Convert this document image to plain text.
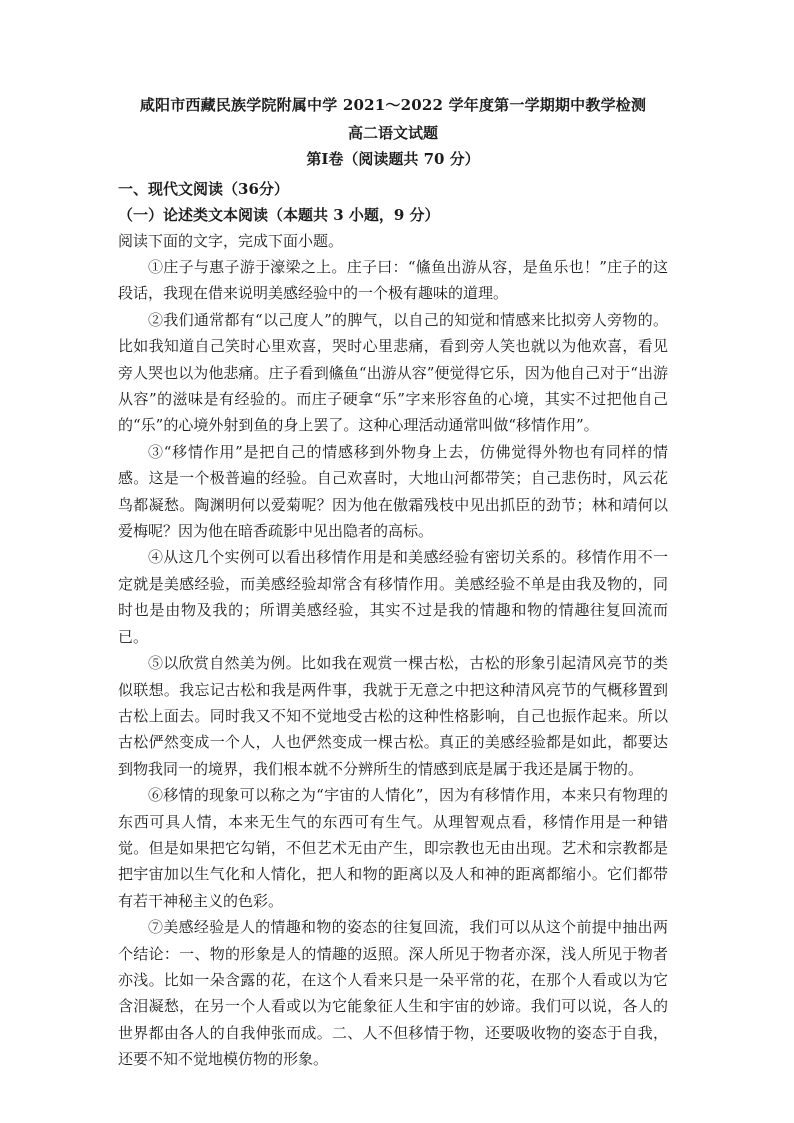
咸阳市西藏民族学院附属中学 2021～2022 学年度第一学期期中教学检测

高二语文试题

第Ⅰ卷（阅读题共 70 分）

一、现代文阅读（36分）

（一）论述类文本阅读（本题共 3 小题，9 分）

阅读下面的文字，完成下面小题。

①庄子与惠子游于濠梁之上。庄子曰：“鯈鱼出游从容，是鱼乐也！”庄子的这段话，我现在借来说明美感经验中的一个极有趣味的道理。

②我们通常都有“以己度人”的脾气，以自己的知觉和情感来比拟旁人旁物的。比如我知道自己笑时心里欢喜，哭时心里悲痛，看到旁人笑也就以为他欢喜，看见旁人哭也以为他悲痛。庄子看到鯈鱼“出游从容”便觉得它乐，因为他自己对于“出游从容”的滋味是有经验的。而庄子硬拿“乐”字来形容鱼的心境，其实不过把他自己的“乐”的心境外射到鱼的身上罢了。这种心理活动通常叫做“移情作用”。

③“移情作用”是把自己的情感移到外物身上去，仿佛觉得外物也有同样的情感。这是一个极普遍的经验。自己欢喜时，大地山河都带笑；自己悲伤时，风云花鸟都凝愁。陶渊明何以爱菊呢？因为他在傲霜残枝中见出抓臣的劲节；林和靖何以爱梅呢？因为他在暗香疏影中见出隐者的高标。

④从这几个实例可以看出移情作用是和美感经验有密切关系的。移情作用不一定就是美感经验，而美感经验却常含有移情作用。美感经验不单是由我及物的，同时也是由物及我的；所谓美感经验，其实不过是我的情趣和物的情趣往复回流而已。

⑤以欣赏自然美为例。比如我在观赏一棵古松，古松的形象引起清风亮节的类似联想。我忘记古松和我是两件事，我就于无意之中把这种清风亮节的气概移置到古松上面去。同时我又不知不觉地受古松的这种性格影响，自己也振作起来。所以古松俨然变成一个人，人也俨然变成一棵古松。真正的美感经验都是如此，都要达到物我同一的境界，我们根本就不分辨所生的情感到底是属于我还是属于物的。

⑥移情的现象可以称之为“宇宙的人情化”，因为有移情作用，本来只有物理的东西可具人情，本来无生气的东西可有生气。从理智观点看，移情作用是一种错觉。但是如果把它勾销，不但艺术无由产生，即宗教也无由出现。艺术和宗教都是把宇宙加以生气化和人情化，把人和物的距离以及人和神的距离都缩小。它们都带有若干神秘主义的色彩。

⑦美感经验是人的情趣和物的姿态的往复回流，我们可以从这个前提中抽出两个结论：一、物的形象是人的情趣的返照。深人所见于物者亦深，浅人所见于物者亦浅。比如一朵含露的花，在这个人看来只是一朵平常的花，在那个人看或以为它含泪凝愁，在另一个人看或以为它能象征人生和宇宙的妙谛。我们可以说，各人的世界都由各人的自我伸张而成。二、人不但移情于物，还要吸收物的姿态于自我，还要不知不觉地模仿物的形象。
